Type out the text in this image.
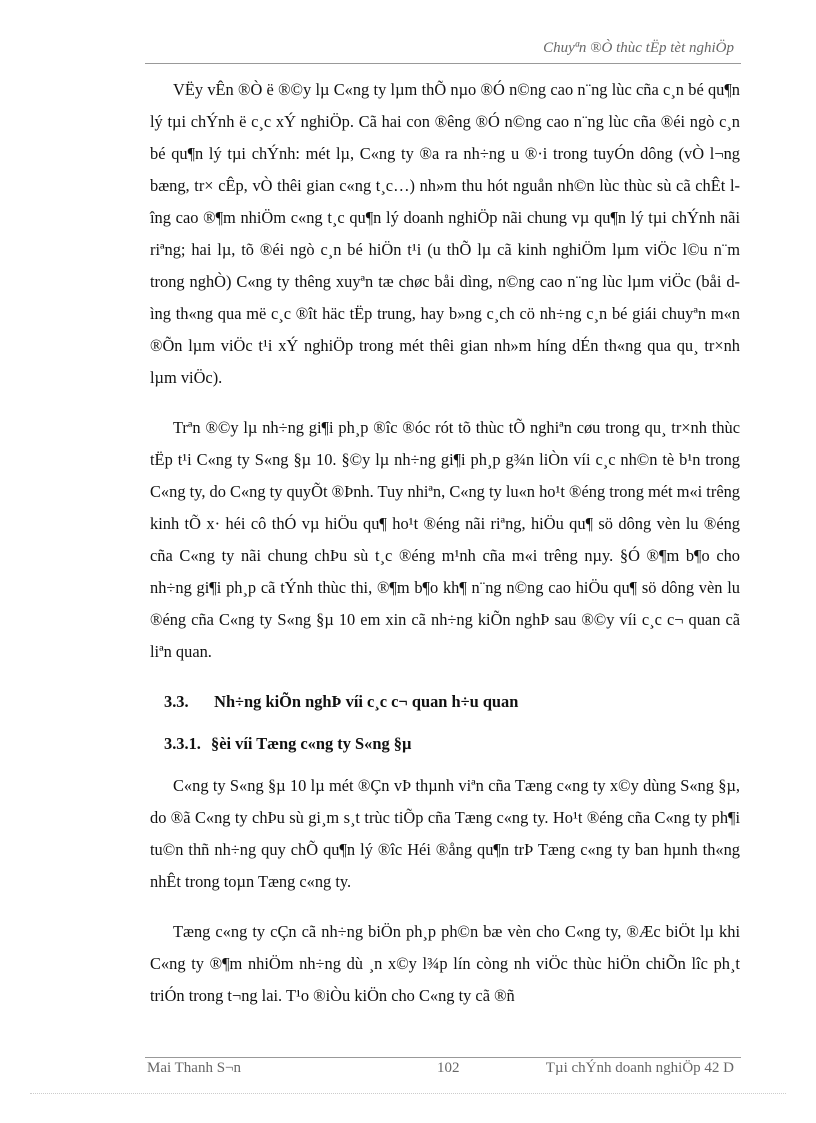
Chuyªn ®Ò thùc tËp tèt nghiÖp

VËy vÊn ®Ò ë ®©y lµ C«ng ty lµm thÕ nµo ®Ó n©ng cao n¨ng lùc cña c¸n bé qu¶n lý tµi chÝnh ë c¸c xÝ nghiÖp. Cã hai con ®êng ®Ó n©ng cao n¨ng lùc cña ®éi ngò c¸n bé qu¶n lý tµi chÝnh: mét lµ, C«ng ty ®a ra nh÷ng u ®·i trong tuyÓn dông (vÒ l¬ng bæng, tr× cÊp, vÒ thêi gian c«ng t¸c…) nh»m thu hót nguån nh©n lùc thùc sù cã chÊt lîng cao ®¶m nhiÖm c«ng t¸c qu¶n lý doanh nghiÖp nãi chung vµ qu¶n lý tµi chÝnh nãi riªng; hai lµ, tõ ®éi ngò c¸n bé hiÖn t¹i (u thÕ lµ cã kinh nghiÖm lµm viÖc l©u n¨m trong nghÒ) C«ng ty thêng xuyªn tæ chøc båi dìng, n©ng cao n¨ng lùc lµm viÖc (båi dìng th«ng qua më c¸c ®ît häc tËp trung, hay b»ng c¸ch cö nh÷ng c¸n bé giái chuyªn m«n ®Õn lµm viÖc t¹i xÝ nghiÖp trong mét thêi gian nh»m híng dÉn th«ng qua qu¸ tr×nh lµm viÖc).

Trªn ®©y lµ nh÷ng gi¶i ph¸p ®îc ®óc rót tõ thùc tÕ nghiªn cøu trong qu¸ tr×nh thùc tËp t¹i C«ng ty S«ng §µ 10. §©y lµ nh÷ng gi¶i ph¸p g¾n liÒn víi c¸c nh©n tè b¹n trong C«ng ty, do C«ng ty quyÕt ®Þnh. Tuy nhiªn, C«ng ty lu«n ho¹t ®éng trong mét m«i trêng kinh tÕ x· héi cô thÓ vµ hiÖu qu¶ ho¹t ®éng nãi riªng, hiÖu qu¶ sö dông vèn lu ®éng cña C«ng ty nãi chung chÞu sù t¸c ®éng m¹nh cña m«i trêng nµy. §Ó ®¶m b¶o cho nh÷ng gi¶i ph¸p cã tÝnh thùc thi, ®¶m b¶o kh¶ n¨ng n©ng cao hiÖu qu¶ sö dông vèn lu ®éng cña C«ng ty S«ng §µ 10 em xin cã nh÷ng kiÕn nghÞ sau ®©y víi c¸c c¬ quan cã liªn quan.

3.3. Nh÷ng kiÕn nghÞ víi c¸c c¬ quan h÷u quan
3.3.1. §èi víi Tæng c«ng ty S«ng §µ

C«ng ty S«ng §µ 10 lµ mét ®Çn vÞ thµnh viªn cña Tæng c«ng ty x©y dùng S«ng §µ, do ®ã C«ng ty chÞu sù gi¸m s¸t trùc tiÕp cña Tæng c«ng ty. Ho¹t ®éng cña C«ng ty ph¶i tu©n thñ nh÷ng quy chÕ qu¶n lý ®îc Héi ®ång qu¶n trÞ Tæng c«ng ty ban hµnh th«ng nhÊt trong toµn Tæng c«ng ty.

Tæng c«ng ty cÇn cã nh÷ng biÖn ph¸p ph©n bæ vèn cho C«ng ty, ®Æc biÖt lµ khi C«ng ty ®¶m nhiÖm nh÷ng dù ¸n x©y l¾p lín còng nh viÖc thùc hiÖn chiÕn lîc ph¸t triÓn trong t¬ng lai. T¹o ®iÒu kiÖn cho C«ng ty cã ®ñ

Mai Thanh S¬n	102	Tµi chÝnh doanh nghiÖp 42 D
